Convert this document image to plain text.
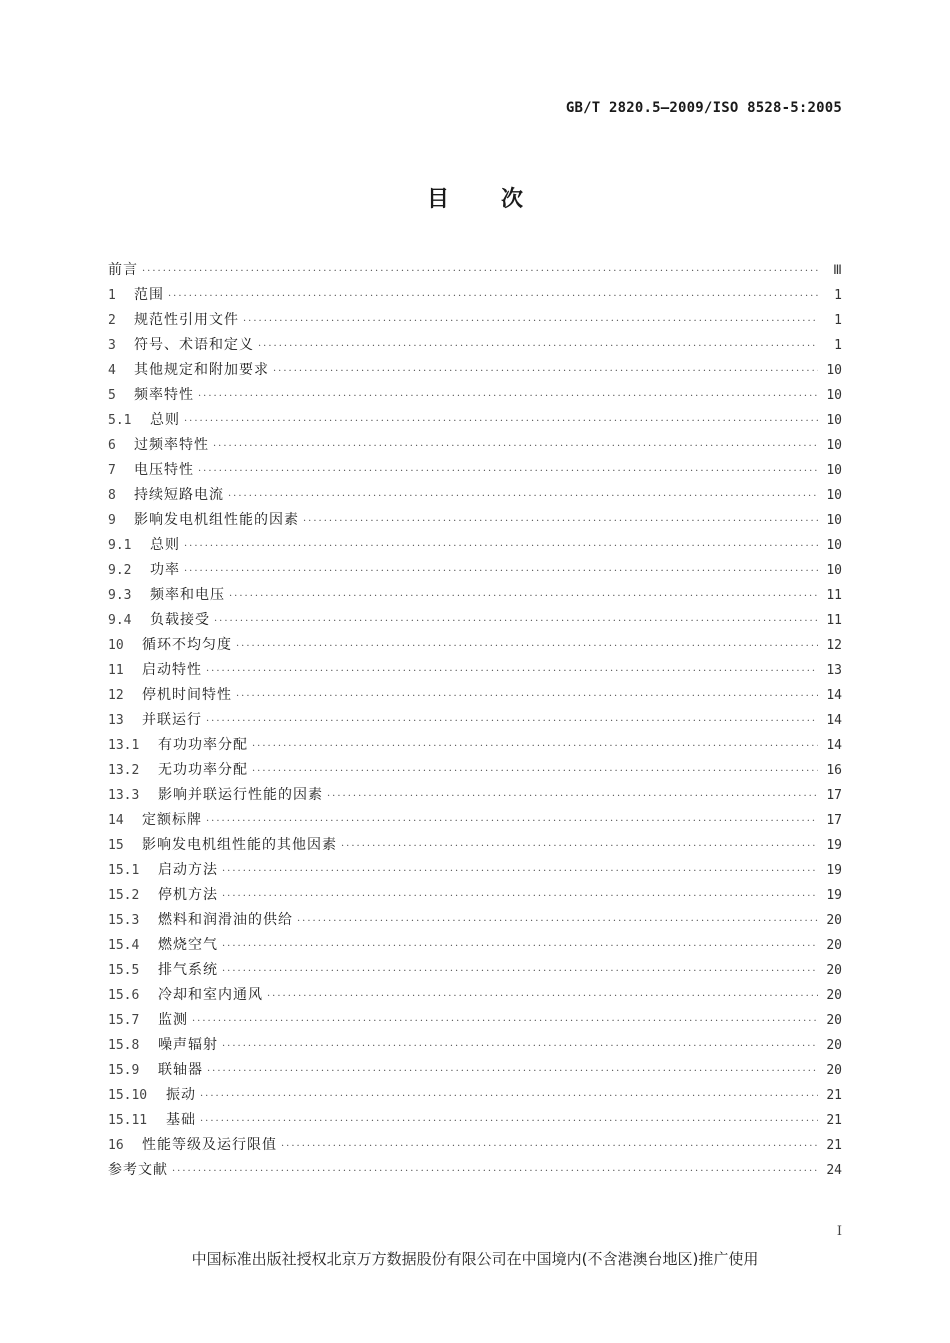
GB/T 2820.5—2009/ISO 8528-5:2005
目 次
前言 ·····	Ⅲ
1	范围 ·····	1
2	规范性引用文件 ·····	1
3	符号、术语和定义 ·····	1
4	其他规定和附加要求 ·····	10
5	频率特性 ·····	10
5.1	总则 ·····	10
6	过频率特性 ·····	10
7	电压特性 ·····	10
8	持续短路电流 ·····	10
9	影响发电机组性能的因素 ·····	10
9.1	总则 ·····	10
9.2	功率 ·····	10
9.3	频率和电压 ·····	11
9.4	负载接受 ·····	11
10	循环不均匀度 ·····	12
11	启动特性 ·····	13
12	停机时间特性 ·····	14
13	并联运行 ·····	14
13.1	有功功率分配 ·····	14
13.2	无功功率分配 ·····	16
13.3	影响并联运行性能的因素 ·····	17
14	定额标牌 ·····	17
15	影响发电机组性能的其他因素 ·····	19
15.1	启动方法 ·····	19
15.2	停机方法 ·····	19
15.3	燃料和润滑油的供给 ·····	20
15.4	燃烧空气 ·····	20
15.5	排气系统 ·····	20
15.6	冷却和室内通风 ·····	20
15.7	监测 ·····	20
15.8	噪声辐射 ·····	20
15.9	联轴器 ·····	20
15.10	振动 ·····	21
15.11	基础 ·····	21
16	性能等级及运行限值 ·····	21
参考文献 ·····	24
I
中国标准出版社授权北京万方数据股份有限公司在中国境内(不含港澳台地区)推广使用
